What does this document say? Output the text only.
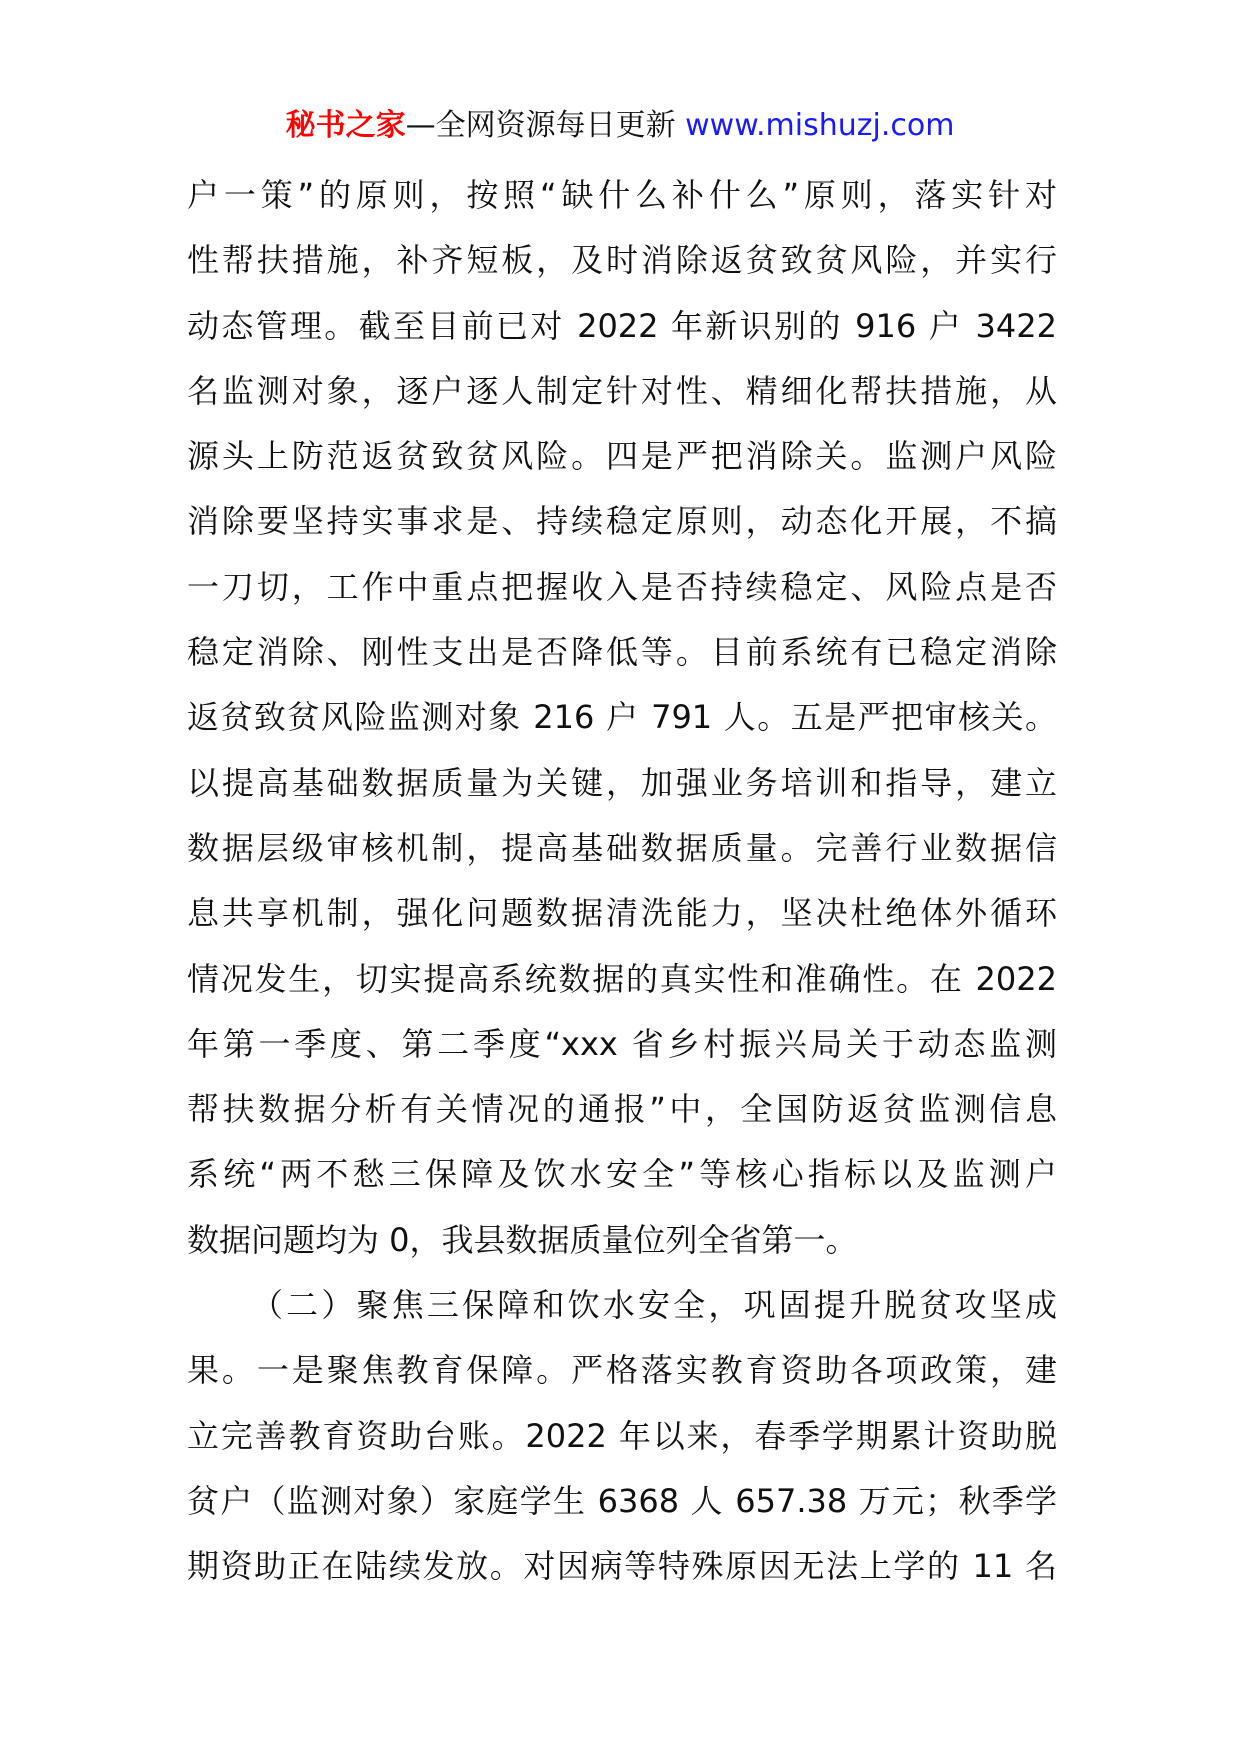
秘书之家—全网资源每日更新 www.mishuzj.com
户一策”的原则，按照“缺什么补什么”原则，落实针对
性帮扶措施，补齐短板，及时消除返贫致贫风险，并实行
动态管理。截至目前已对 2022 年新识别的 916 户 3422
名监测对象，逐户逐人制定针对性、精细化帮扶措施，从
源头上防范返贫致贫风险。四是严把消除关。监测户风险
消除要坚持实事求是、持续稳定原则，动态化开展，不搞
一刀切，工作中重点把握收入是否持续稳定、风险点是否
稳定消除、刚性支出是否降低等。目前系统有已稳定消除
返贫致贫风险监测对象 216 户 791 人。五是严把审核关。
以提高基础数据质量为关键，加强业务培训和指导，建立
数据层级审核机制，提高基础数据质量。完善行业数据信
息共享机制，强化问题数据清洗能力，坚决杜绝体外循环
情况发生，切实提高系统数据的真实性和准确性。在 2022
年第一季度、第二季度“xxx 省乡村振兴局关于动态监测
帮扶数据分析有关情况的通报”中，全国防返贫监测信息
系统“两不愁三保障及饮水安全”等核心指标以及监测户
数据问题均为 0，我县数据质量位列全省第一。
（二）聚焦三保障和饮水安全，巩固提升脱贫攻坚成
果。一是聚焦教育保障。严格落实教育资助各项政策，建
立完善教育资助台账。2022 年以来，春季学期累计资助脱
贫户（监测对象）家庭学生 6368 人 657.38 万元；秋季学
期资助正在陆续发放。对因病等特殊原因无法上学的 11 名
